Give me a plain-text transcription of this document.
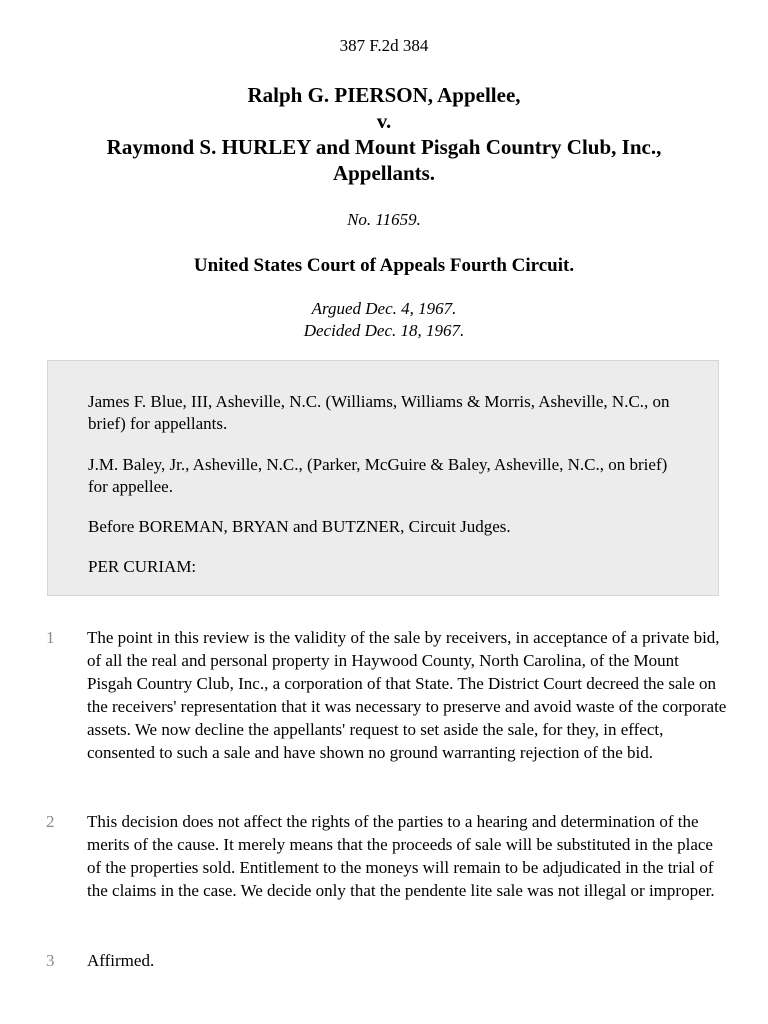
387 F.2d 384
Ralph G. PIERSON, Appellee,
v.
Raymond S. HURLEY and Mount Pisgah Country Club, Inc.,
Appellants.
No. 11659.
United States Court of Appeals Fourth Circuit.
Argued Dec. 4, 1967.
Decided Dec. 18, 1967.

James F. Blue, III, Asheville, N.C. (Williams, Williams & Morris, Asheville, N.C., on brief) for appellants.

J.M. Baley, Jr., Asheville, N.C., (Parker, McGuire & Baley, Asheville, N.C., on brief) for appellee.

Before BOREMAN, BRYAN and BUTZNER, Circuit Judges.

PER CURIAM:

1 The point in this review is the validity of the sale by receivers, in acceptance of a private bid, of all the real and personal property in Haywood County, North Carolina, of the Mount Pisgah Country Club, Inc., a corporation of that State. The District Court decreed the sale on the receivers' representation that it was necessary to preserve and avoid waste of the corporate assets. We now decline the appellants' request to set aside the sale, for they, in effect, consented to such a sale and have shown no ground warranting rejection of the bid.
2 This decision does not affect the rights of the parties to a hearing and determination of the merits of the cause. It merely means that the proceeds of sale will be substituted in the place of the properties sold. Entitlement to the moneys will remain to be adjudicated in the trial of the claims in the case. We decide only that the pendente lite sale was not illegal or improper.
3 Affirmed.
